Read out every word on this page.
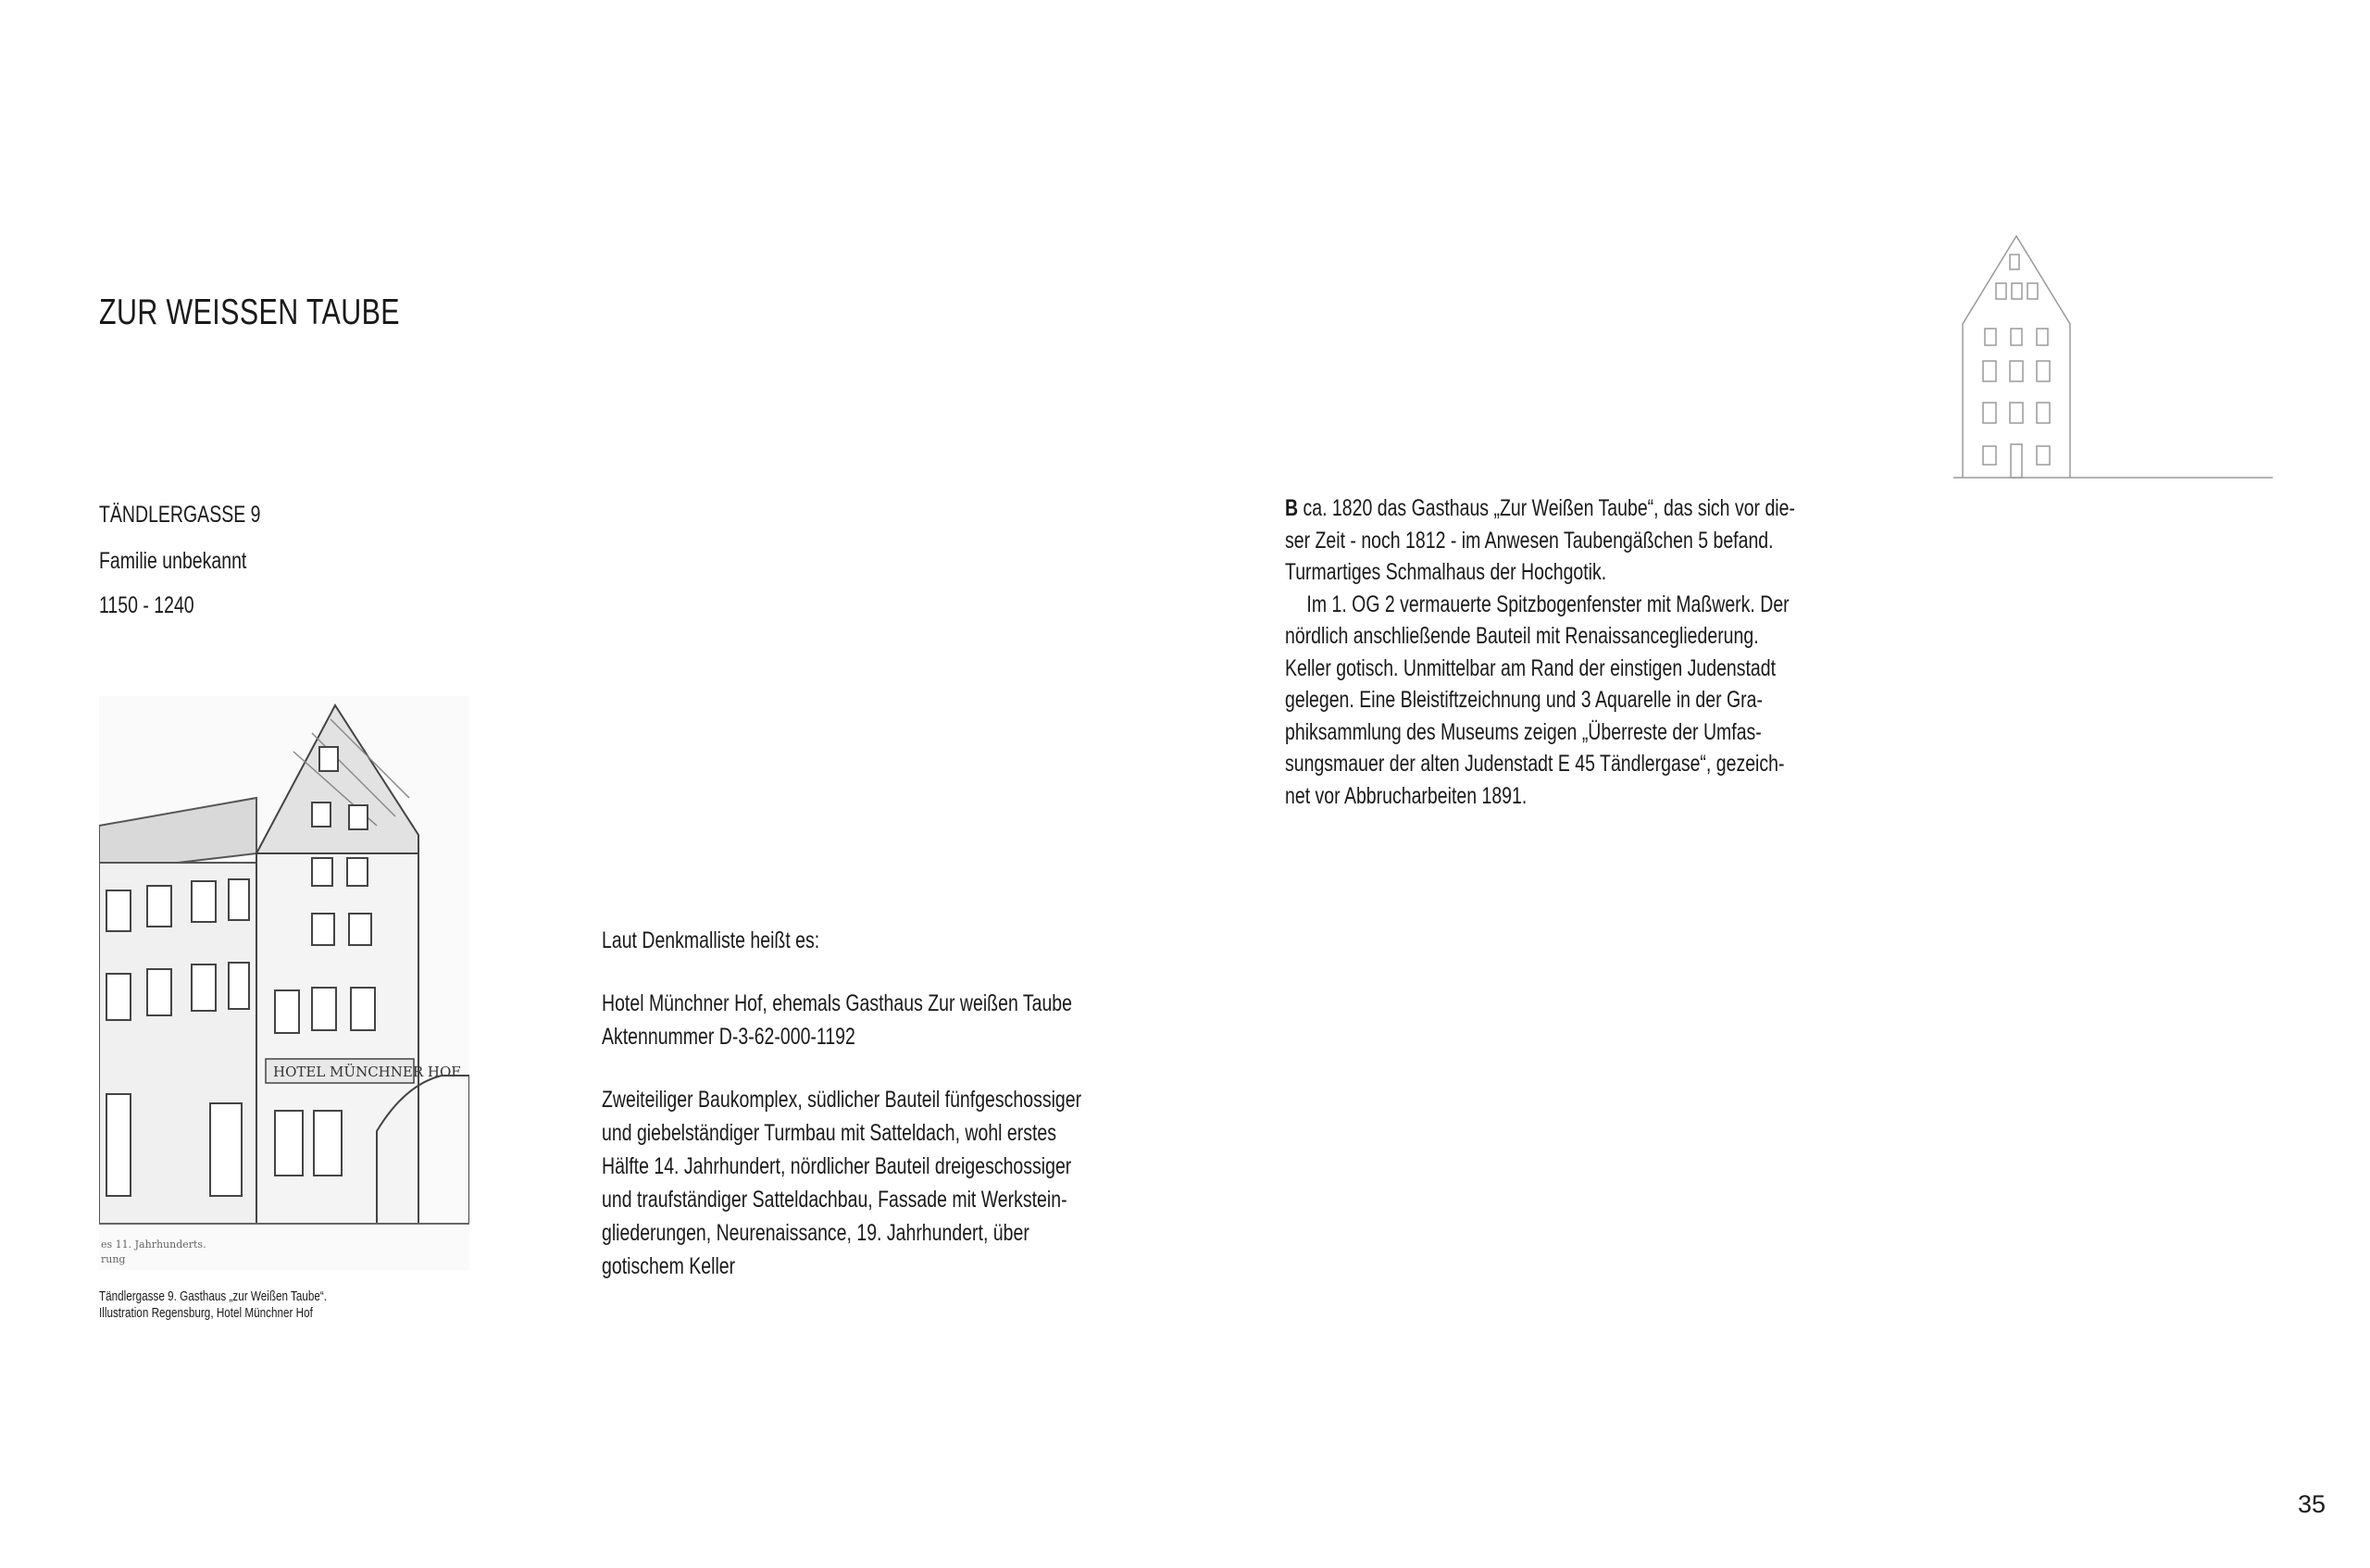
ZUR WEISSEN TAUBE
TÄNDLERGASSE 9
Familie unbekannt
1150 - 1240
HOTEL MÜNCHNER HOF
es 11. Jahrhunderts.
rung
Tändlergasse 9. Gasthaus „zur Weißen Taube“.
Illustration Regensburg, Hotel Münchner Hof
Laut Denkmalliste heißt es:
Hotel Münchner Hof, ehemals Gasthaus Zur weißen Taube
Aktennummer D-3-62-000-1192
Zweiteiliger Baukomplex, südlicher Bauteil fünfgeschossiger
und giebelständiger Turmbau mit Satteldach, wohl erstes
Hälfte 14. Jahrhundert, nördlicher Bauteil dreigeschossiger
und traufständiger Satteldachbau, Fassade mit Werkstein-
gliederungen, Neurenaissance, 19. Jahrhundert, über
gotischem Keller
B ca. 1820 das Gasthaus „Zur Weißen Taube“, das sich vor die-
ser Zeit - noch 1812 - im Anwesen Taubengäßchen 5 befand.
Turmartiges Schmalhaus der Hochgotik.
Im 1. OG 2 vermauerte Spitzbogenfenster mit Maßwerk. Der
nördlich anschließende Bauteil mit Renaissancegliederung.
Keller gotisch. Unmittelbar am Rand der einstigen Judenstadt
gelegen. Eine Bleistiftzeichnung und 3 Aquarelle in der Gra-
phiksammlung des Museums zeigen „Überreste der Umfas-
sungsmauer der alten Judenstadt E 45 Tändlergase“, gezeich-
net vor Abbrucharbeiten 1891.
35
